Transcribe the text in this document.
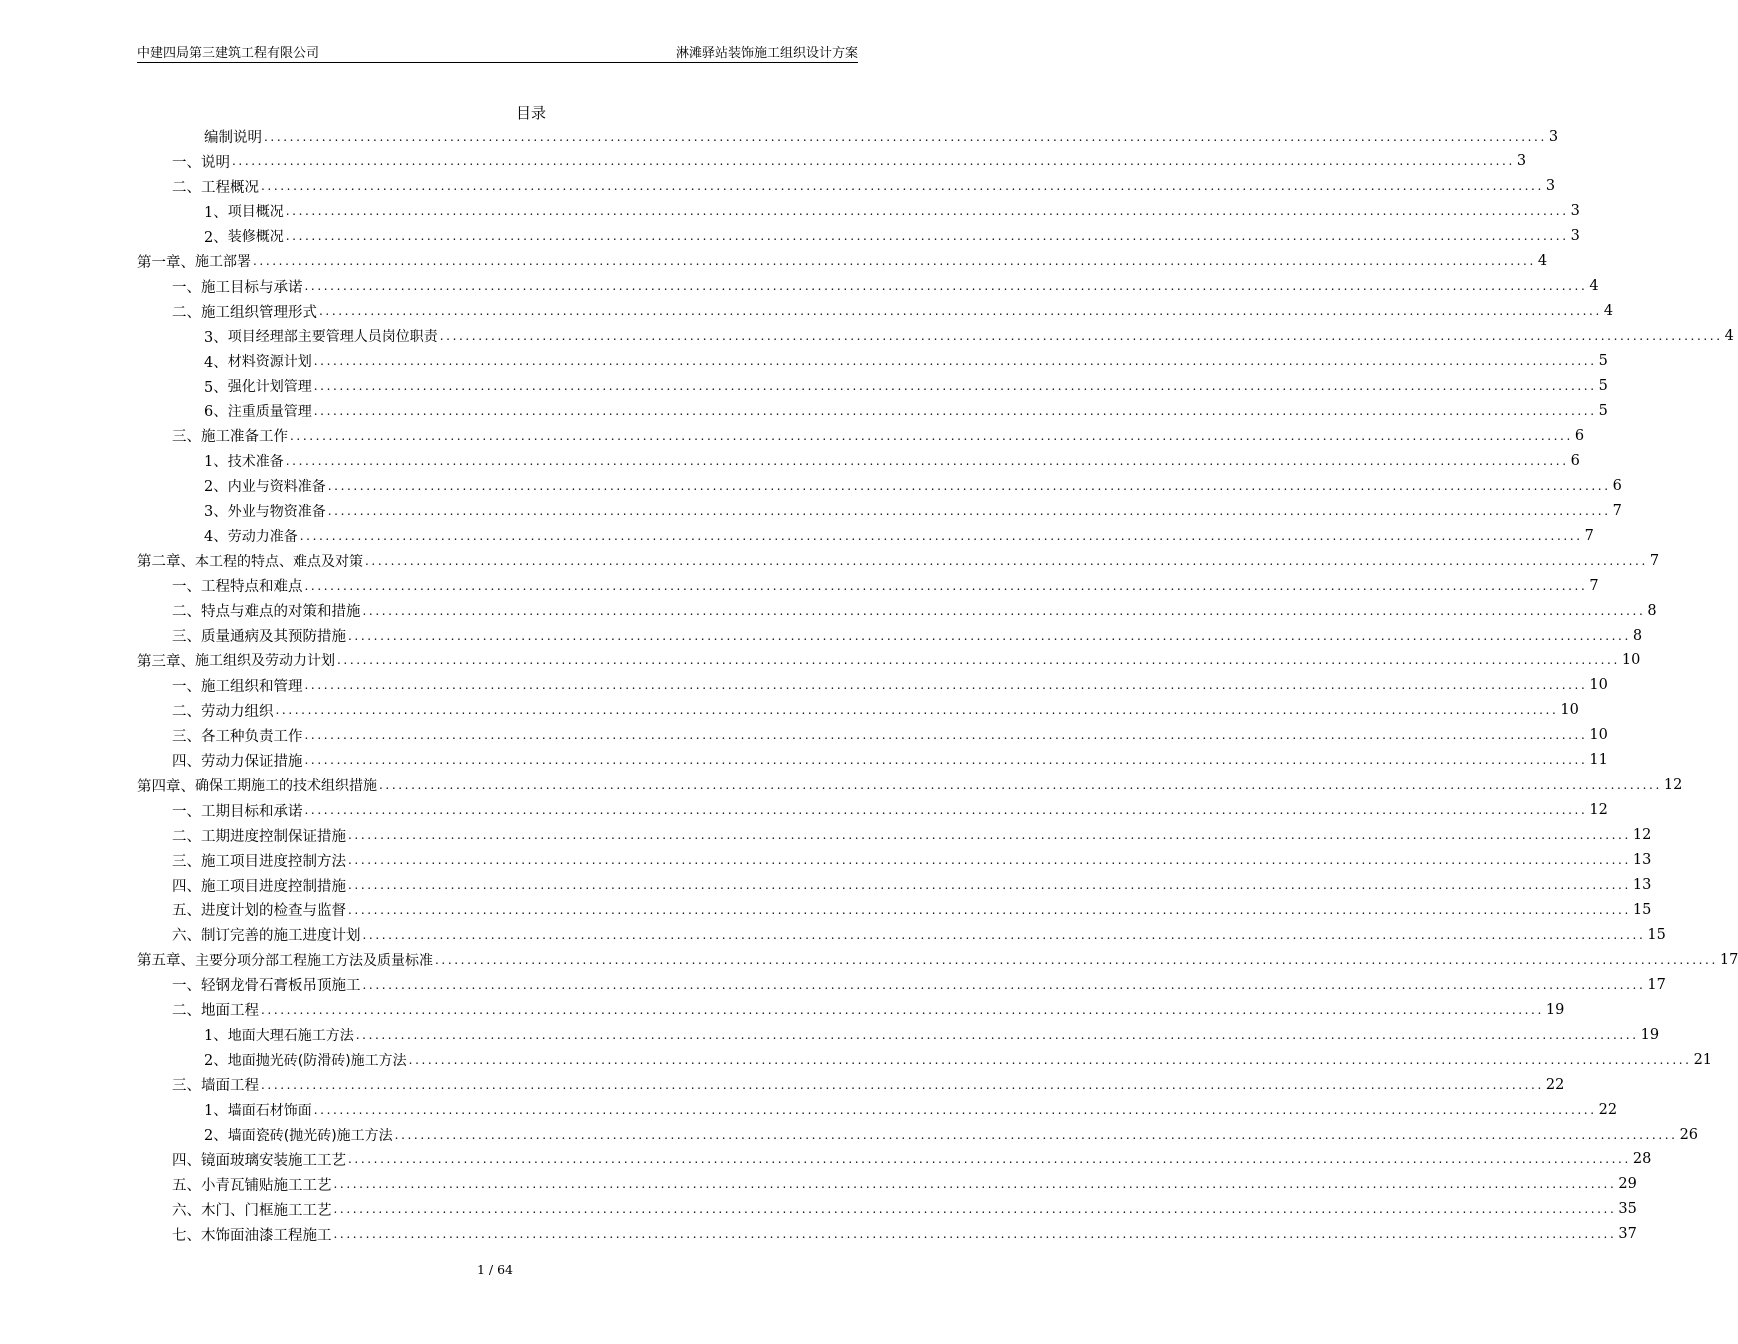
中建四局第三建筑工程有限公司	淋滩驿站装饰施工组织设计方案
目录
编制说明 ........................................................................................................................................................................................................ 3
一、 说明 ........................................................................................................................................................................................................ 3
二、 工程概况 ........................................................................................................................................................................................................ 3
1、 项目概况 ........................................................................................................................................................................................................ 3
2、 装修概况 ........................................................................................................................................................................................................ 3
第一章、 施工部署 ........................................................................................................................................................................................................ 4
一、 施工目标与承诺 ........................................................................................................................................................................................................ 4
二、 施工组织管理形式 ........................................................................................................................................................................................................ 4
3、 项目经理部主要管理人员岗位职责 ........................................................................................................................................................................................................ 4
4、 材料资源计划 ........................................................................................................................................................................................................ 5
5、 强化计划管理 ........................................................................................................................................................................................................ 5
6、 注重质量管理 ........................................................................................................................................................................................................ 5
三、 施工准备工作 ........................................................................................................................................................................................................ 6
1、 技术准备 ........................................................................................................................................................................................................ 6
2、 内业与资料准备 ........................................................................................................................................................................................................ 6
3、 外业与物资准备 ........................................................................................................................................................................................................ 7
4、 劳动力准备 ........................................................................................................................................................................................................ 7
第二章、 本工程的特点、难点及对策 ........................................................................................................................................................................................................ 7
一、 工程特点和难点 ........................................................................................................................................................................................................ 7
二、 特点与难点的对策和措施 ........................................................................................................................................................................................................ 8
三、 质量通病及其预防措施 ........................................................................................................................................................................................................ 8
第三章、 施工组织及劳动力计划 ........................................................................................................................................................................................................ 10
一、 施工组织和管理 ........................................................................................................................................................................................................ 10
二、 劳动力组织 ........................................................................................................................................................................................................ 10
三、 各工种负责工作 ........................................................................................................................................................................................................ 10
四、 劳动力保证措施 ........................................................................................................................................................................................................ 11
第四章、 确保工期施工的技术组织措施 ........................................................................................................................................................................................................ 12
一、 工期目标和承诺 ........................................................................................................................................................................................................ 12
二、 工期进度控制保证措施 ........................................................................................................................................................................................................ 12
三、 施工项目进度控制方法 ........................................................................................................................................................................................................ 13
四、 施工项目进度控制措施 ........................................................................................................................................................................................................ 13
五、 进度计划的检查与监督 ........................................................................................................................................................................................................ 15
六、 制订完善的施工进度计划 ........................................................................................................................................................................................................ 15
第五章、 主要分项分部工程施工方法及质量标准 ........................................................................................................................................................................................................ 17
一、 轻钢龙骨石膏板吊顶施工 ........................................................................................................................................................................................................ 17
二、 地面工程 ........................................................................................................................................................................................................ 19
1、 地面大理石施工方法 ........................................................................................................................................................................................................ 19
2、 地面抛光砖(防滑砖)施工方法 ........................................................................................................................................................................................................ 21
三、 墙面工程 ........................................................................................................................................................................................................ 22
1、 墙面石材饰面 ........................................................................................................................................................................................................ 22
2、 墙面瓷砖(抛光砖)施工方法 ........................................................................................................................................................................................................ 26
四、 镜面玻璃安装施工工艺 ........................................................................................................................................................................................................ 28
五、 小青瓦铺贴施工工艺 ........................................................................................................................................................................................................ 29
六、 木门、门框施工工艺 ........................................................................................................................................................................................................ 35
七、 木饰面油漆工程施工 ........................................................................................................................................................................................................ 37
1 / 64
